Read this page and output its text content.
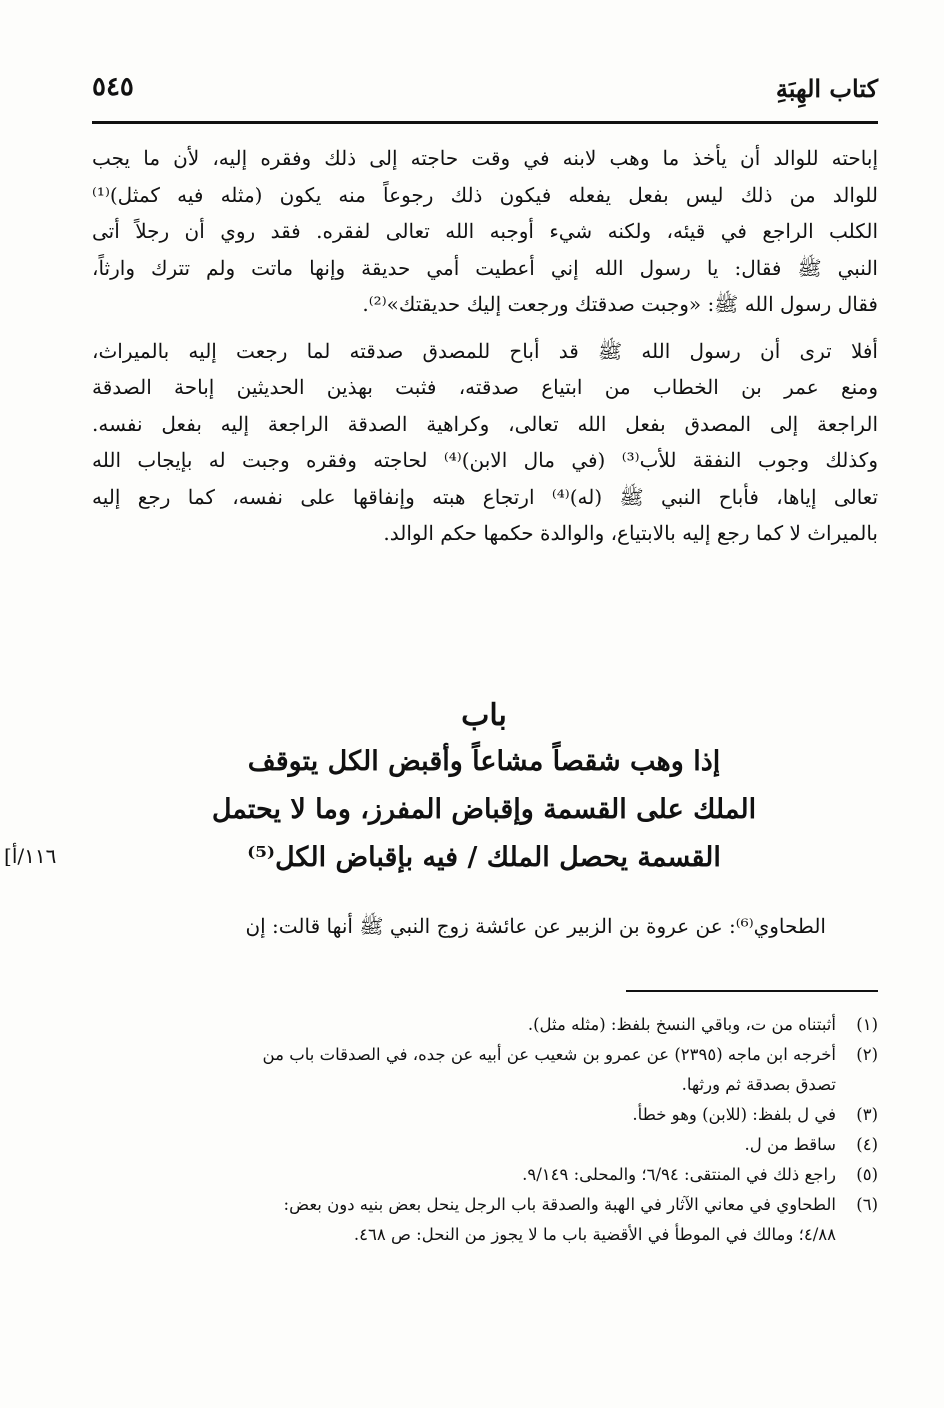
كتاب الهِبَةِ
٥٤٥

إباحته للوالد أن يأخذ ما وهب لابنه في وقت حاجته إلى ذلك وفقره إليه، لأن ما يجب
للوالد من ذلك ليس بفعل يفعله فيكون ذلك رجوعاً منه يكون (مثله فيه كمثل)⁽¹⁾
الكلب الراجع في قيئه، ولكنه شيء أوجبه الله تعالى لفقره. فقد روي أن رجلاً أتى
النبي ﷺ فقال: يا رسول الله إني أعطيت أمي حديقة وإنها ماتت ولم تترك وارثاً،
فقال رسول الله ﷺ: «وجبت صدقتك ورجعت إليك حديقتك»⁽²⁾.

أفلا ترى أن رسول الله ﷺ قد أباح للمصدق صدقته لما رجعت إليه بالميراث،
ومنع عمر بن الخطاب من ابتياع صدقته، فثبت بهذين الحديثين إباحة الصدقة
الراجعة إلى المصدق بفعل الله تعالى، وكراهية الصدقة الراجعة إليه بفعل نفسه.
وكذلك وجوب النفقة للأب⁽³⁾ (في مال الابن)⁽⁴⁾ لحاجته وفقره وجبت له بإيجاب الله
تعالى إياها، فأباح النبي ﷺ (له)⁽⁴⁾ ارتجاع هبته وإنفاقها على نفسه، كما رجع إليه
بالميراث لا كما رجع إليه بالابتياع، والوالدة حكمها حكم الوالد.

باب
إذا وهب شقصاً مشاعاً وأقبض الكل يتوقف
الملك على القسمة وإقباض المفرز، وما لا يحتمل
القسمة يحصل الملك / فيه بإقباض الكل⁽⁵⁾
[١١٦/أ
الطحاوي⁽⁶⁾: عن عروة بن الزبير عن عائشة زوج النبي ﷺ أنها قالت: إن
(١)
أثبتناه من ت، وباقي النسخ بلفظ: (مثله مثل).
(٢)
أخرجه ابن ماجه (٢٣٩٥) عن عمرو بن شعيب عن أبيه عن جده، في الصدقات باب من
تصدق بصدقة ثم ورثها.
(٣)
في ل بلفظ: (للابن) وهو خطأ.
(٤)
ساقط من ل.
(٥)
راجع ذلك في المنتقى: ٦/٩٤؛ والمحلى: ٩/١٤٩.
(٦)
الطحاوي في معاني الآثار في الهبة والصدقة باب الرجل ينحل بعض بنيه دون بعض:
٤/٨٨؛ ومالك في الموطأ في الأقضية باب ما لا يجوز من النحل: ص ٤٦٨.
